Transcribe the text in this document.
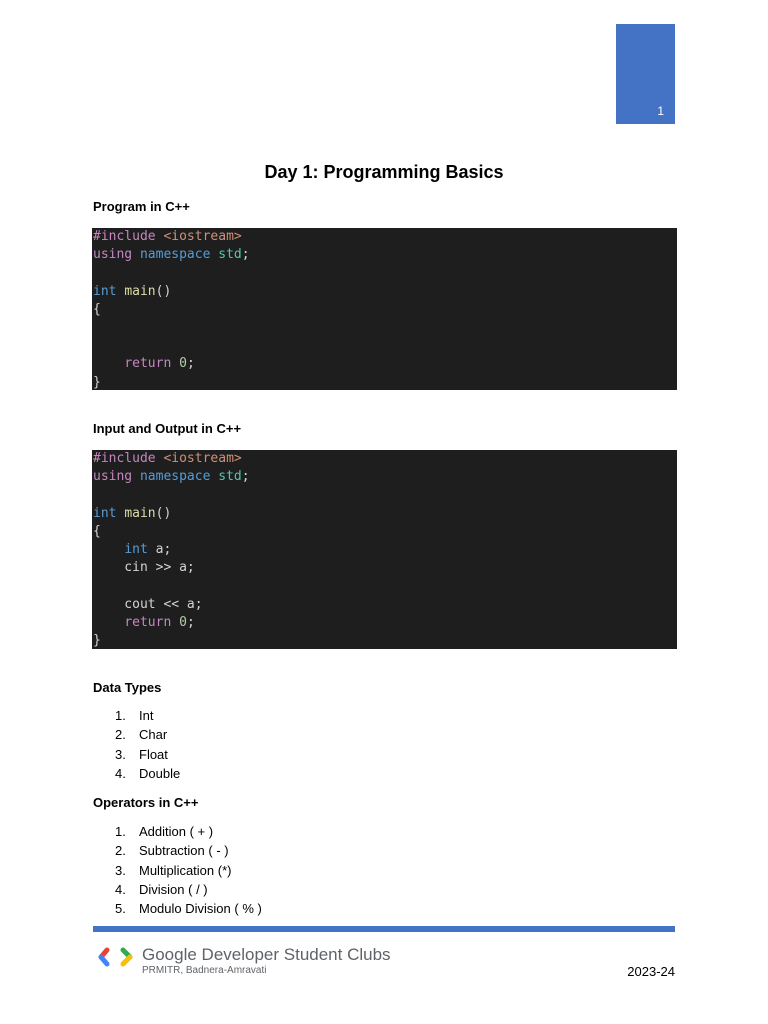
1
Day 1: Programming Basics
Program in C++
#include <iostream>
using namespace std;
int main()
{
return 0;
}
Input and Output in C++
#include <iostream>
using namespace std;
int main()
{
int a;
cin >> a;
cout << a;
return 0;
}
Data Types
1. Int
2. Char
3. Float
4. Double
Operators in C++
1. Addition ( + )
2. Subtraction ( - )
3. Multiplication (*)
4. Division ( / )
5. Modulo Division ( % )
Google Developer Student Clubs
PRMITR, Badnera-Amravati	2023-24
